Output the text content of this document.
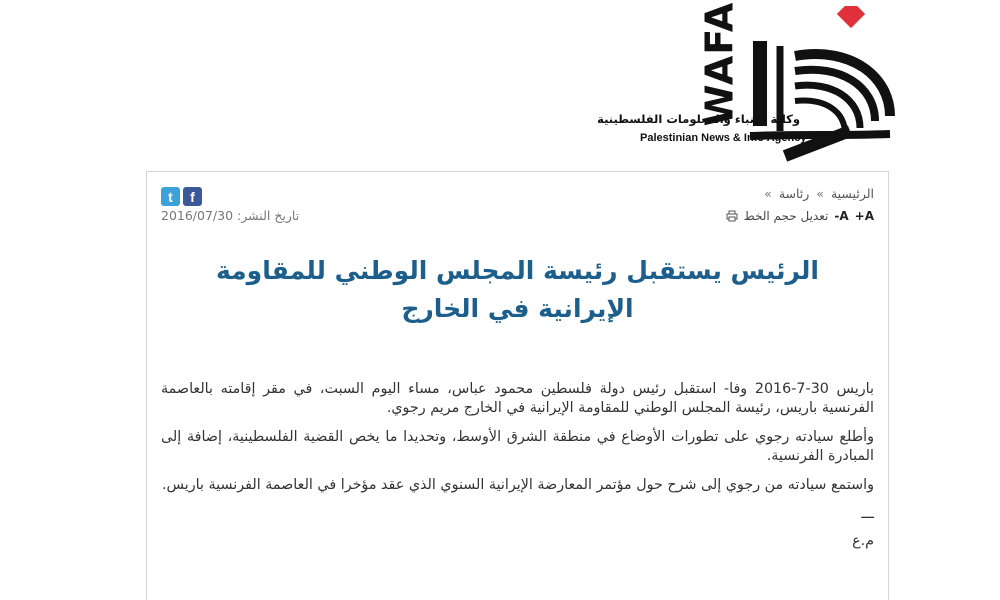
WAFA
وكالة الأنباء والمعلومات الفلسطينية
Palestinian News & Info Agency
الرئيسية » رئاسة »
A+
A-
تعديل حجم الخط
t f
تاريخ النشر: 2016/07/30
الرئيس يستقبل رئيسة المجلس الوطني للمقاومة الإيرانية في الخارج

باريس 30-7-2016 وفا- استقبل رئيس دولة فلسطين محمود عباس، مساء اليوم السبت، في مقر إقامته بالعاصمة الفرنسية باريس، رئيسة المجلس الوطني للمقاومة الإيرانية في الخارج مريم رجوي.

وأطلع سيادته رجوي على تطورات الأوضاع في منطقة الشرق الأوسط، وتحديدا ما يخص القضية الفلسطينية، إضافة إلى المبادرة الفرنسية.

واستمع سيادته من رجوي إلى شرح حول مؤتمر المعارضة الإيرانية السنوي الذي عقد مؤخرا في العاصمة الفرنسية باريس.

ـــ

م.ع
